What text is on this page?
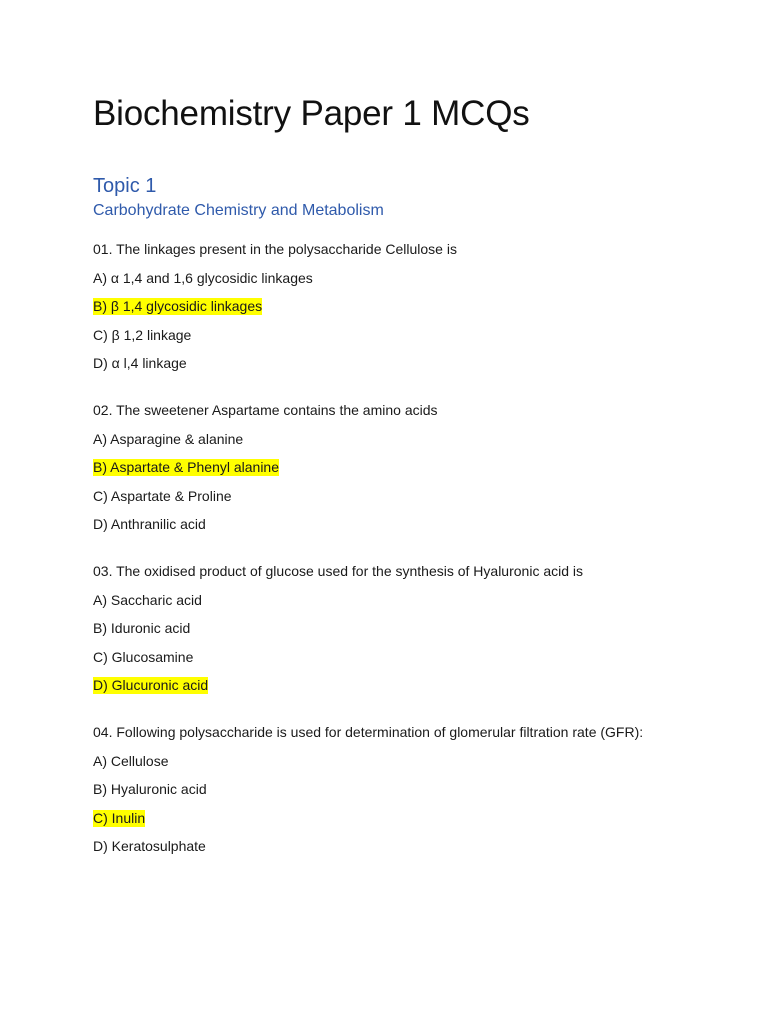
Biochemistry Paper 1 MCQs
Topic 1
Carbohydrate Chemistry and Metabolism
01. The linkages present in the polysaccharide Cellulose is
A) α 1,4 and 1,6 glycosidic linkages
B) β 1,4 glycosidic linkages
C) β 1,2 linkage
D) α l,4 linkage
02. The sweetener Aspartame contains the amino acids
A) Asparagine & alanine
B) Aspartate & Phenyl alanine
C) Aspartate & Proline
D) Anthranilic acid
03. The oxidised product of glucose used for the synthesis of Hyaluronic acid is
A) Saccharic acid
B) Iduronic acid
C) Glucosamine
D) Glucuronic acid
04. Following polysaccharide is used for determination of glomerular filtration rate (GFR):
A) Cellulose
B) Hyaluronic acid
C) Inulin
D) Keratosulphate
